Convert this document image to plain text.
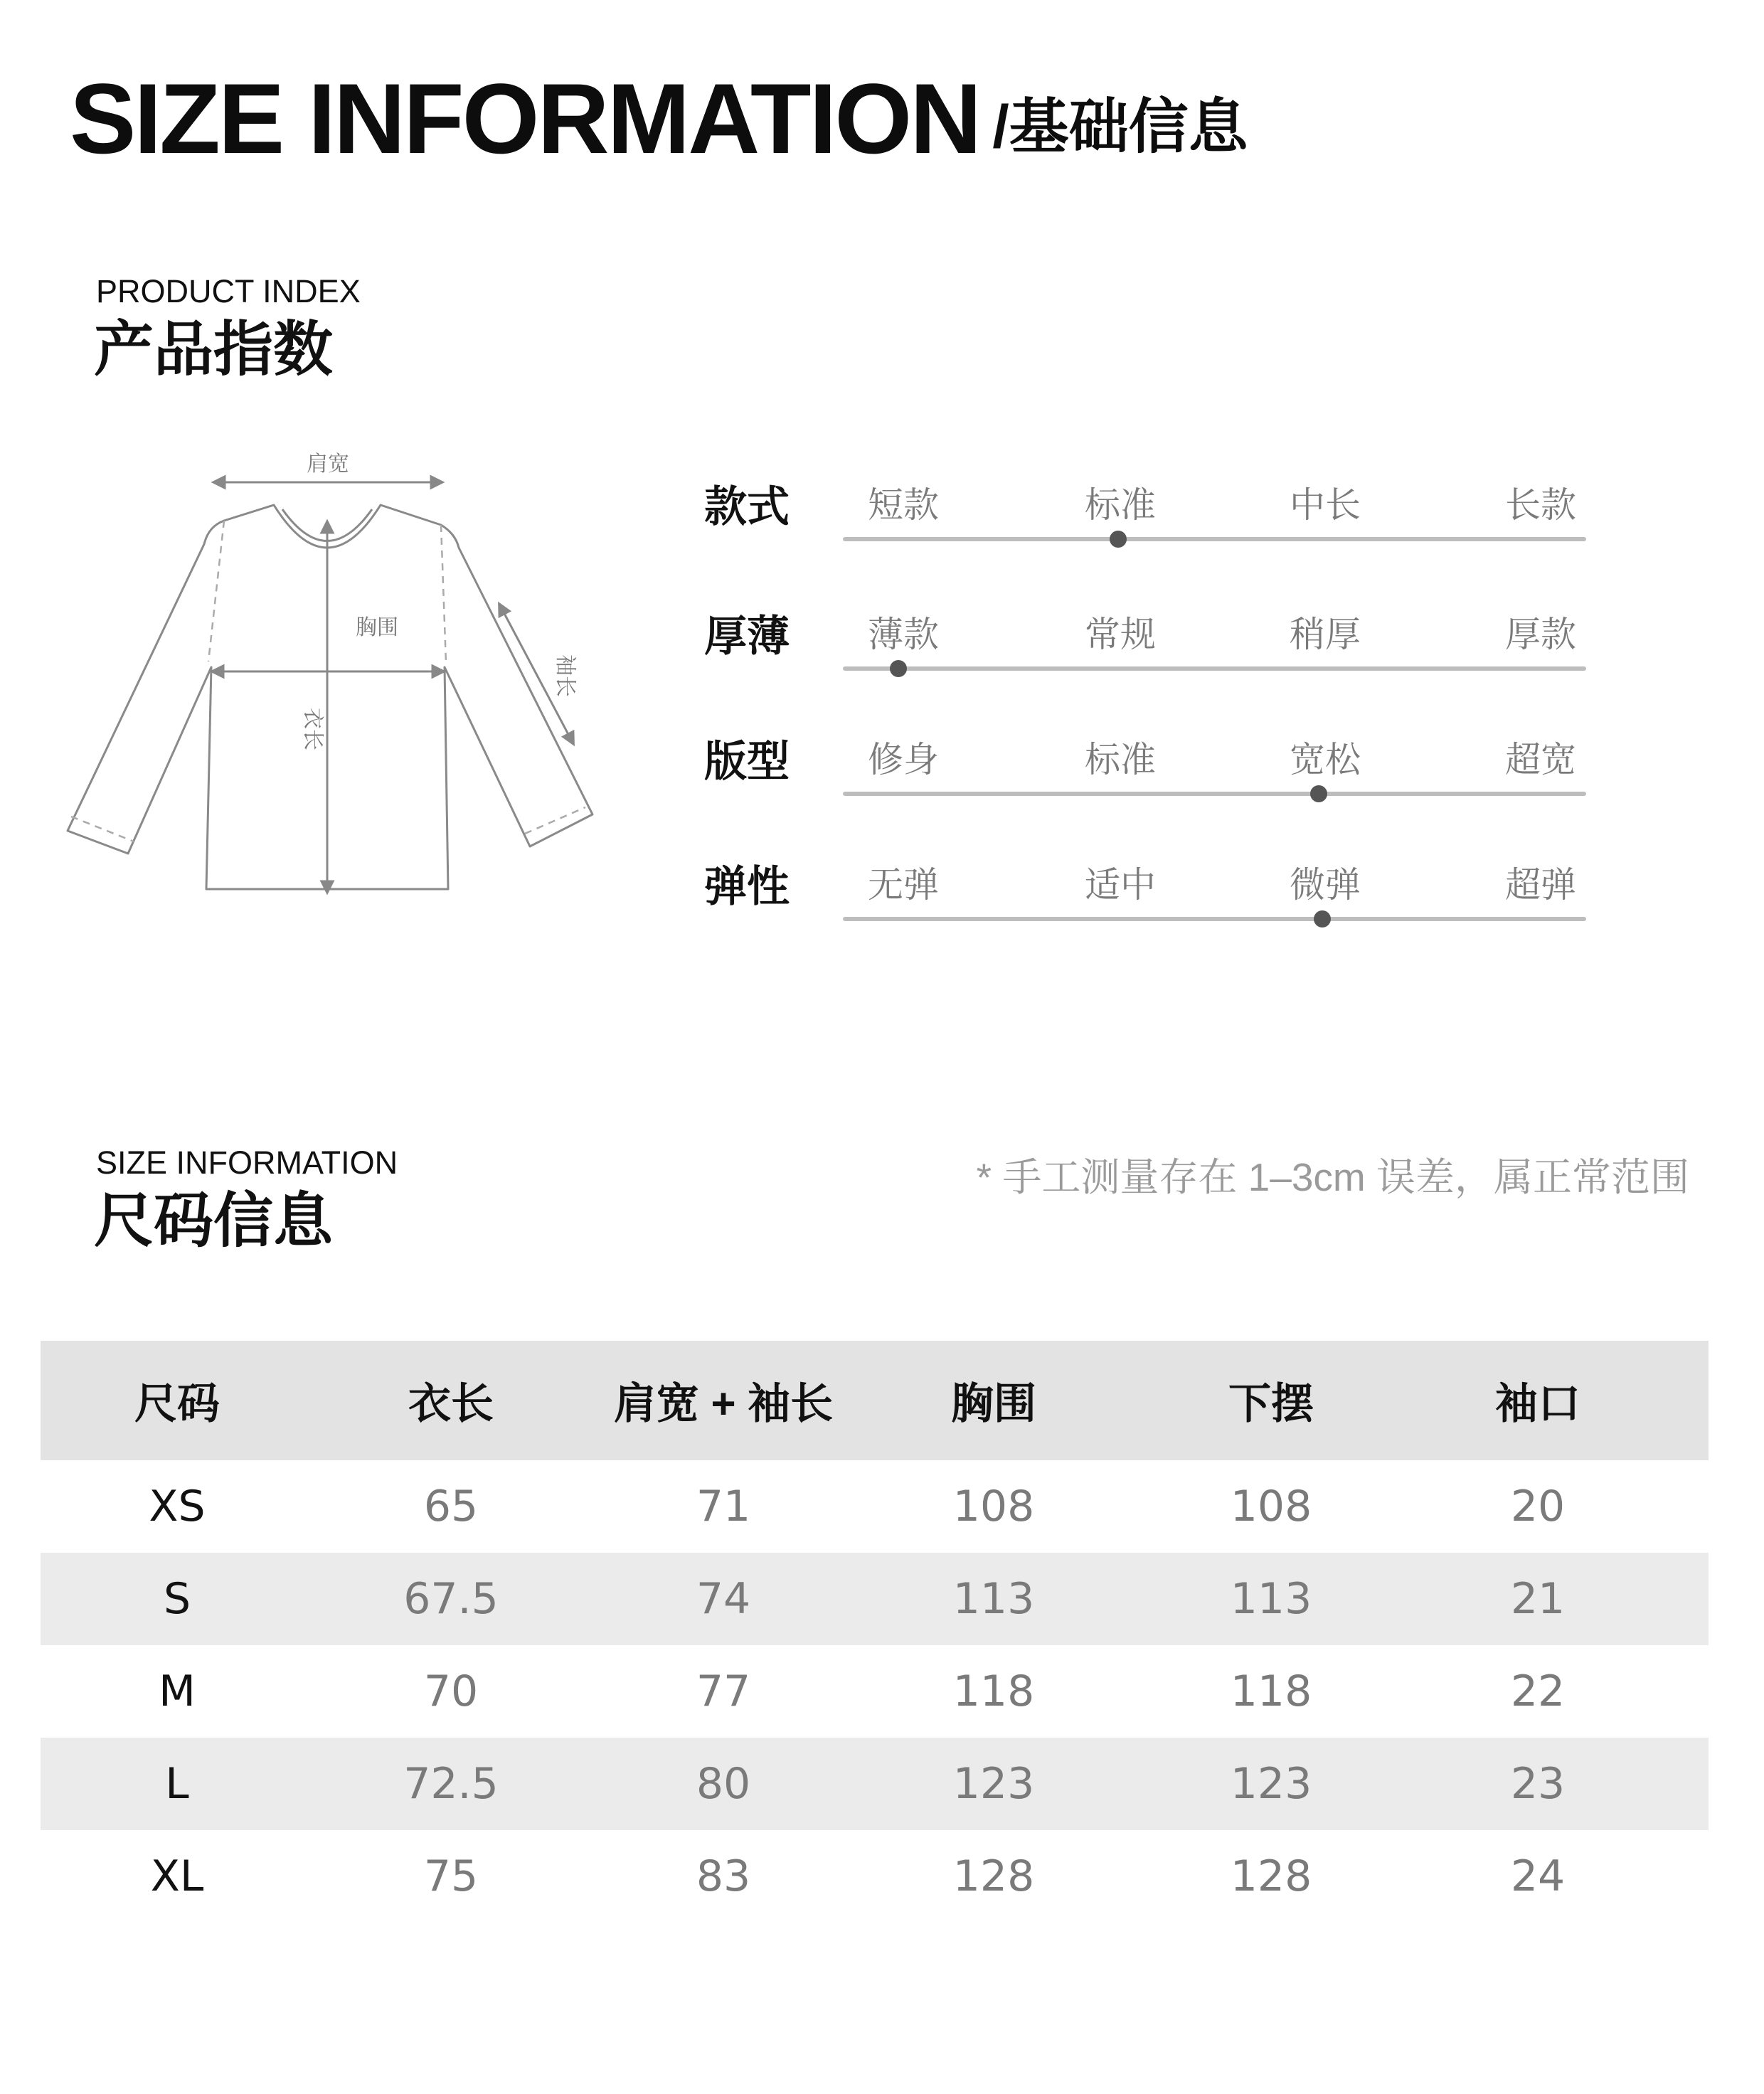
SIZE INFORMATION /基础信息
PRODUCT INDEX
产品指数
肩宽
胸围
袖长
衣长
款式	短款	标准	中长	长款
厚薄	薄款	常规	稍厚	厚款
版型	修身	标准	宽松	超宽
弹性	无弹	适中	微弹	超弹
SIZE INFORMATION
尺码信息
* 手工测量存在 1–3cm 误差，属正常范围
尺码	衣长	肩宽 + 袖长	胸围	下摆	袖口
XS	65	71	108	108	20
S	67.5	74	113	113	21
M	70	77	118	118	22
L	72.5	80	123	123	23
XL	75	83	128	128	24
